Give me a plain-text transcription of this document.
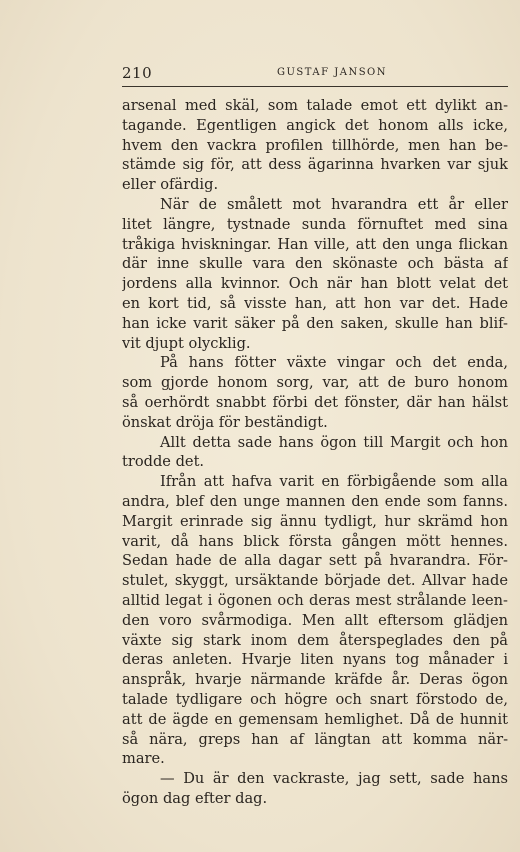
210	GUSTAF JANSON
arsenal med skäl, som talade emot ett dylikt an-
tagande. Egentligen angick det honom alls icke,
hvem den vackra profilen tillhörde, men han be-
stämde sig för, att dess ägarinna hvarken var sjuk
eller ofärdig.
När de smålett mot hvarandra ett år eller
litet längre, tystnade sunda förnuftet med sina
tråkiga hviskningar. Han ville, att den unga flickan
där inne skulle vara den skönaste och bästa af
jordens alla kvinnor. Och när han blott velat det
en kort tid, så visste han, att hon var det. Hade
han icke varit säker på den saken, skulle han blif-
vit djupt olycklig.
På hans fötter växte vingar och det enda,
som gjorde honom sorg, var, att de buro honom
så oerhördt snabbt förbi det fönster, där han hälst
önskat dröja för beständigt.
Allt detta sade hans ögon till Margit och hon
trodde det.
Ifrån att hafva varit en förbigående som alla
andra, blef den unge mannen den ende som fanns.
Margit erinrade sig ännu tydligt, hur skrämd hon
varit, då hans blick första gången mött hennes.
Sedan hade de alla dagar sett på hvarandra. För-
stulet, skyggt, ursäktande började det. Allvar hade
alltid legat i ögonen och deras mest strålande leen-
den voro svårmodiga. Men allt eftersom glädjen
växte sig stark inom dem återspeglades den på
deras anleten. Hvarje liten nyans tog månader i
anspråk, hvarje närmande kräfde år. Deras ögon
talade tydligare och högre och snart förstodo de,
att de ägde en gemensam hemlighet. Då de hunnit
så nära, greps han af längtan att komma när-
mare.
— Du är den vackraste, jag sett, sade hans
ögon dag efter dag.
